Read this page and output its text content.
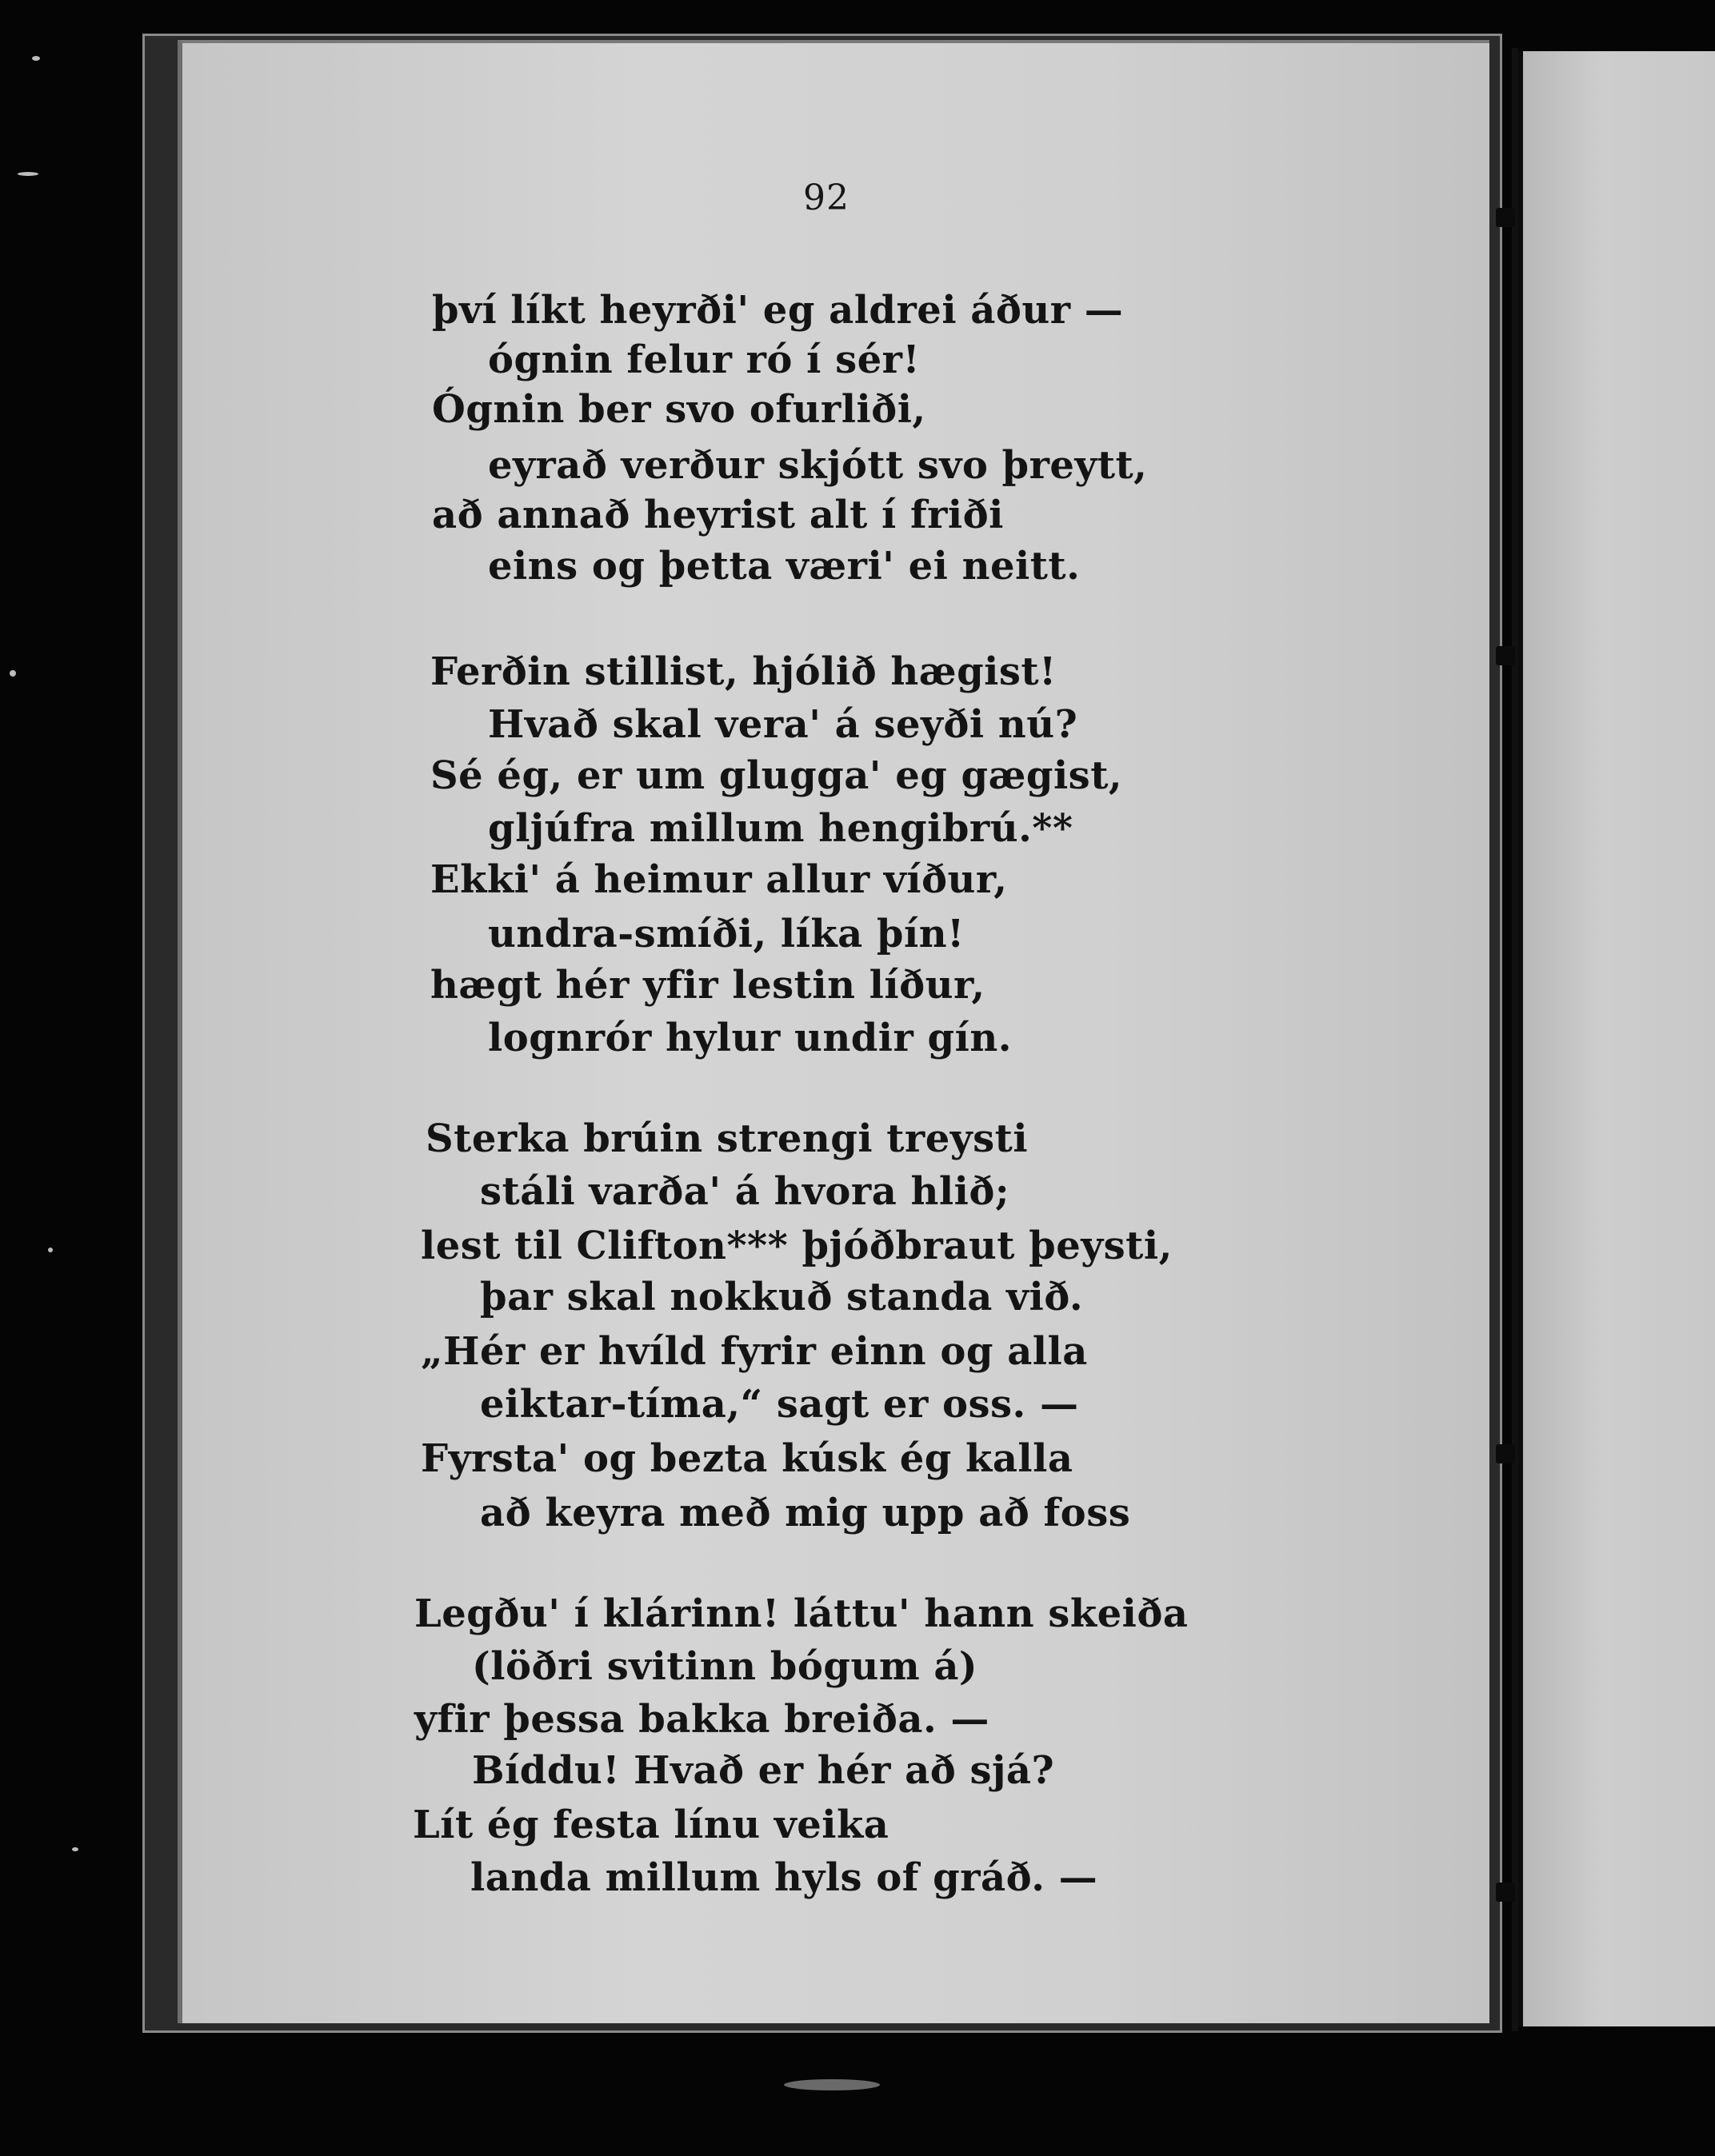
92
því líkt heyrði' eg aldrei áður —
ógnin felur ró í sér!
Ógnin ber svo ofurliði,
eyrað verður skjótt svo þreytt,
að annað heyrist alt í friði
eins og þetta væri' ei neitt.
Ferðin stillist, hjólið hægist!
Hvað skal vera' á seyði nú?
Sé ég, er um glugga' eg gægist,
gljúfra millum hengibrú.**
Ekki' á heimur allur víður,
undra-smíði, líka þín!
hægt hér yfir lestin líður,
lognrór hylur undir gín.
Sterka brúin strengi treysti
stáli varða' á hvora hlið;
lest til Clifton*** þjóðbraut þeysti,
þar skal nokkuð standa við.
„Hér er hvíld fyrir einn og alla
eiktar-tíma,“ sagt er oss. —
Fyrsta' og bezta kúsk ég kalla
að keyra með mig upp að foss
Legðu' í klárinn! láttu' hann skeiða
(löðri svitinn bógum á)
yfir þessa bakka breiða. —
Bíddu! Hvað er hér að sjá?
Lít ég festa línu veika
landa millum hyls of gráð. —
